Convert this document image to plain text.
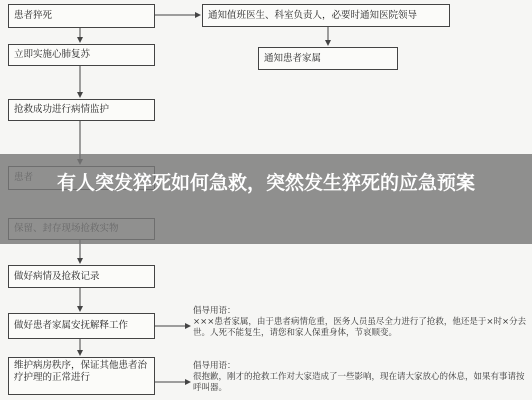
患者猝死	通知值班医生、科室负责人，必要时通知医院领导
通知患者家属
立即实施心肺复苏
抢救成功进行病情监护
做好病情及抢救记录
做好患者家属安抚解释工作
维护病房秩序，保证其他患者治疗护理的正常进行
倡导用语：
×××患者家属，由于患者病情危重，医务人员虽尽全力进行了抢救，他还是于×时×分去世。人死不能复生，请您和家人保重身体，节哀顺变。
倡导用语：
很抱歉，刚才的抢救工作对大家造成了一些影响，现在请大家放心的休息，如果有事请按呼叫器。
有人突发猝死如何急救，突然发生猝死的应急预案
